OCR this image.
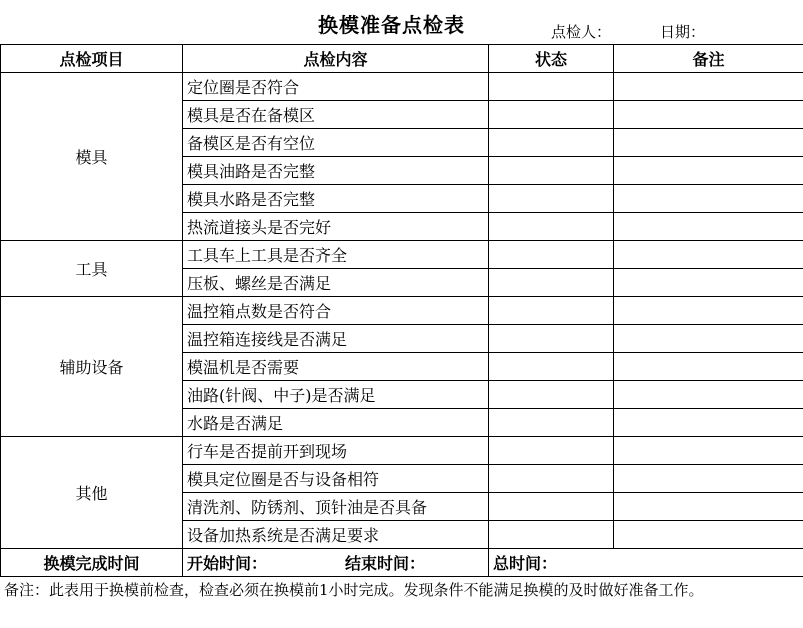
换模准备点检表	点检人：	日期：
点检项目	点检内容	状态	备注
模具	定位圈是否符合		
	模具是否在备模区		
	备模区是否有空位		
	模具油路是否完整		
	模具水路是否完整		
	热流道接头是否完好		
工具	工具车上工具是否齐全		
	压板、螺丝是否满足		
辅助设备	温控箱点数是否符合		
	温控箱连接线是否满足		
	模温机是否需要		
	油路(针阀、中子)是否满足		
	水路是否满足		
其他	行车是否提前开到现场		
	模具定位圈是否与设备相符		
	清洗剂、防锈剂、顶针油是否具备		
	设备加热系统是否满足要求		
换模完成时间	开始时间： 结束时间：	总时间：	
备注：此表用于换模前检查，检查必须在换模前1小时完成。发现条件不能满足换模的及时做好准备工作。
